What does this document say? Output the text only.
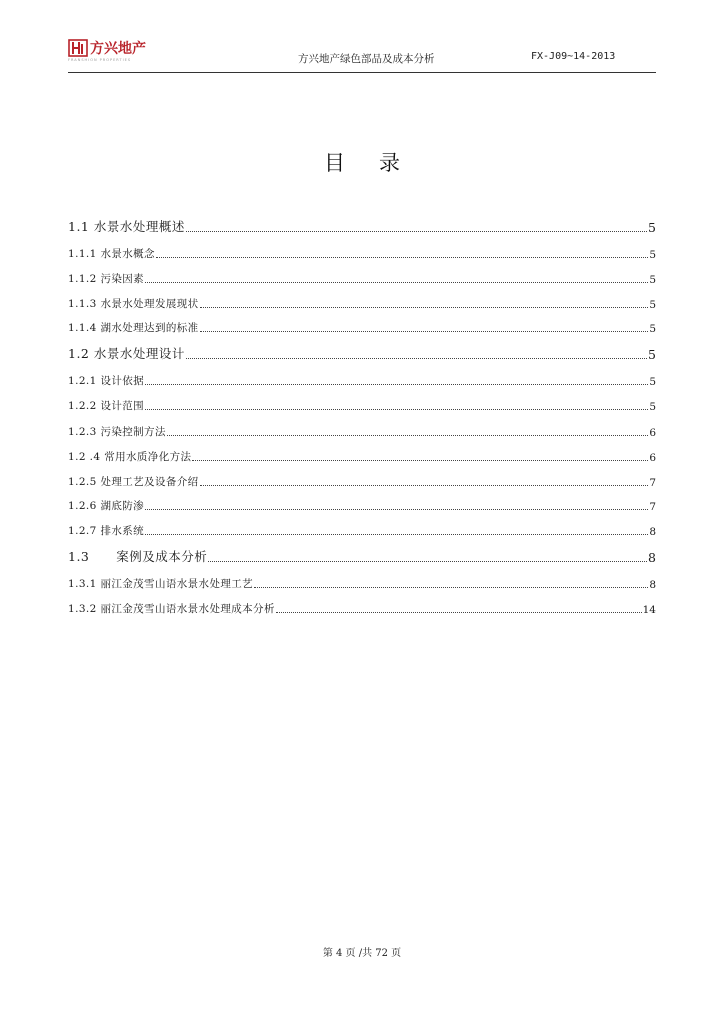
方兴地产
FRANSHION PROPERTIES	方兴地产绿色部品及成本分析	FX-J09~14-2013
目 录
1.1 水景水处理概述	5
1.1.1 水景水概念	5
1.1.2 污染因素	5
1.1.3 水景水处理发展现状	5
1.1.4 湖水处理达到的标准	5
1.2 水景水处理设计	5
1.2.1 设计依据	5
1.2.2 设计范围	5
1.2.3 污染控制方法	6
1.2 .4 常用水质净化方法	6
1.2.5 处理工艺及设备介绍	7
1.2.6 湖底防渗	7
1.2.7 排水系统	8
1.3      案例及成本分析	8
1.3.1 丽江金茂雪山语水景水处理工艺	8
1.3.2 丽江金茂雪山语水景水处理成本分析	14
第 4 页 /共 72 页
